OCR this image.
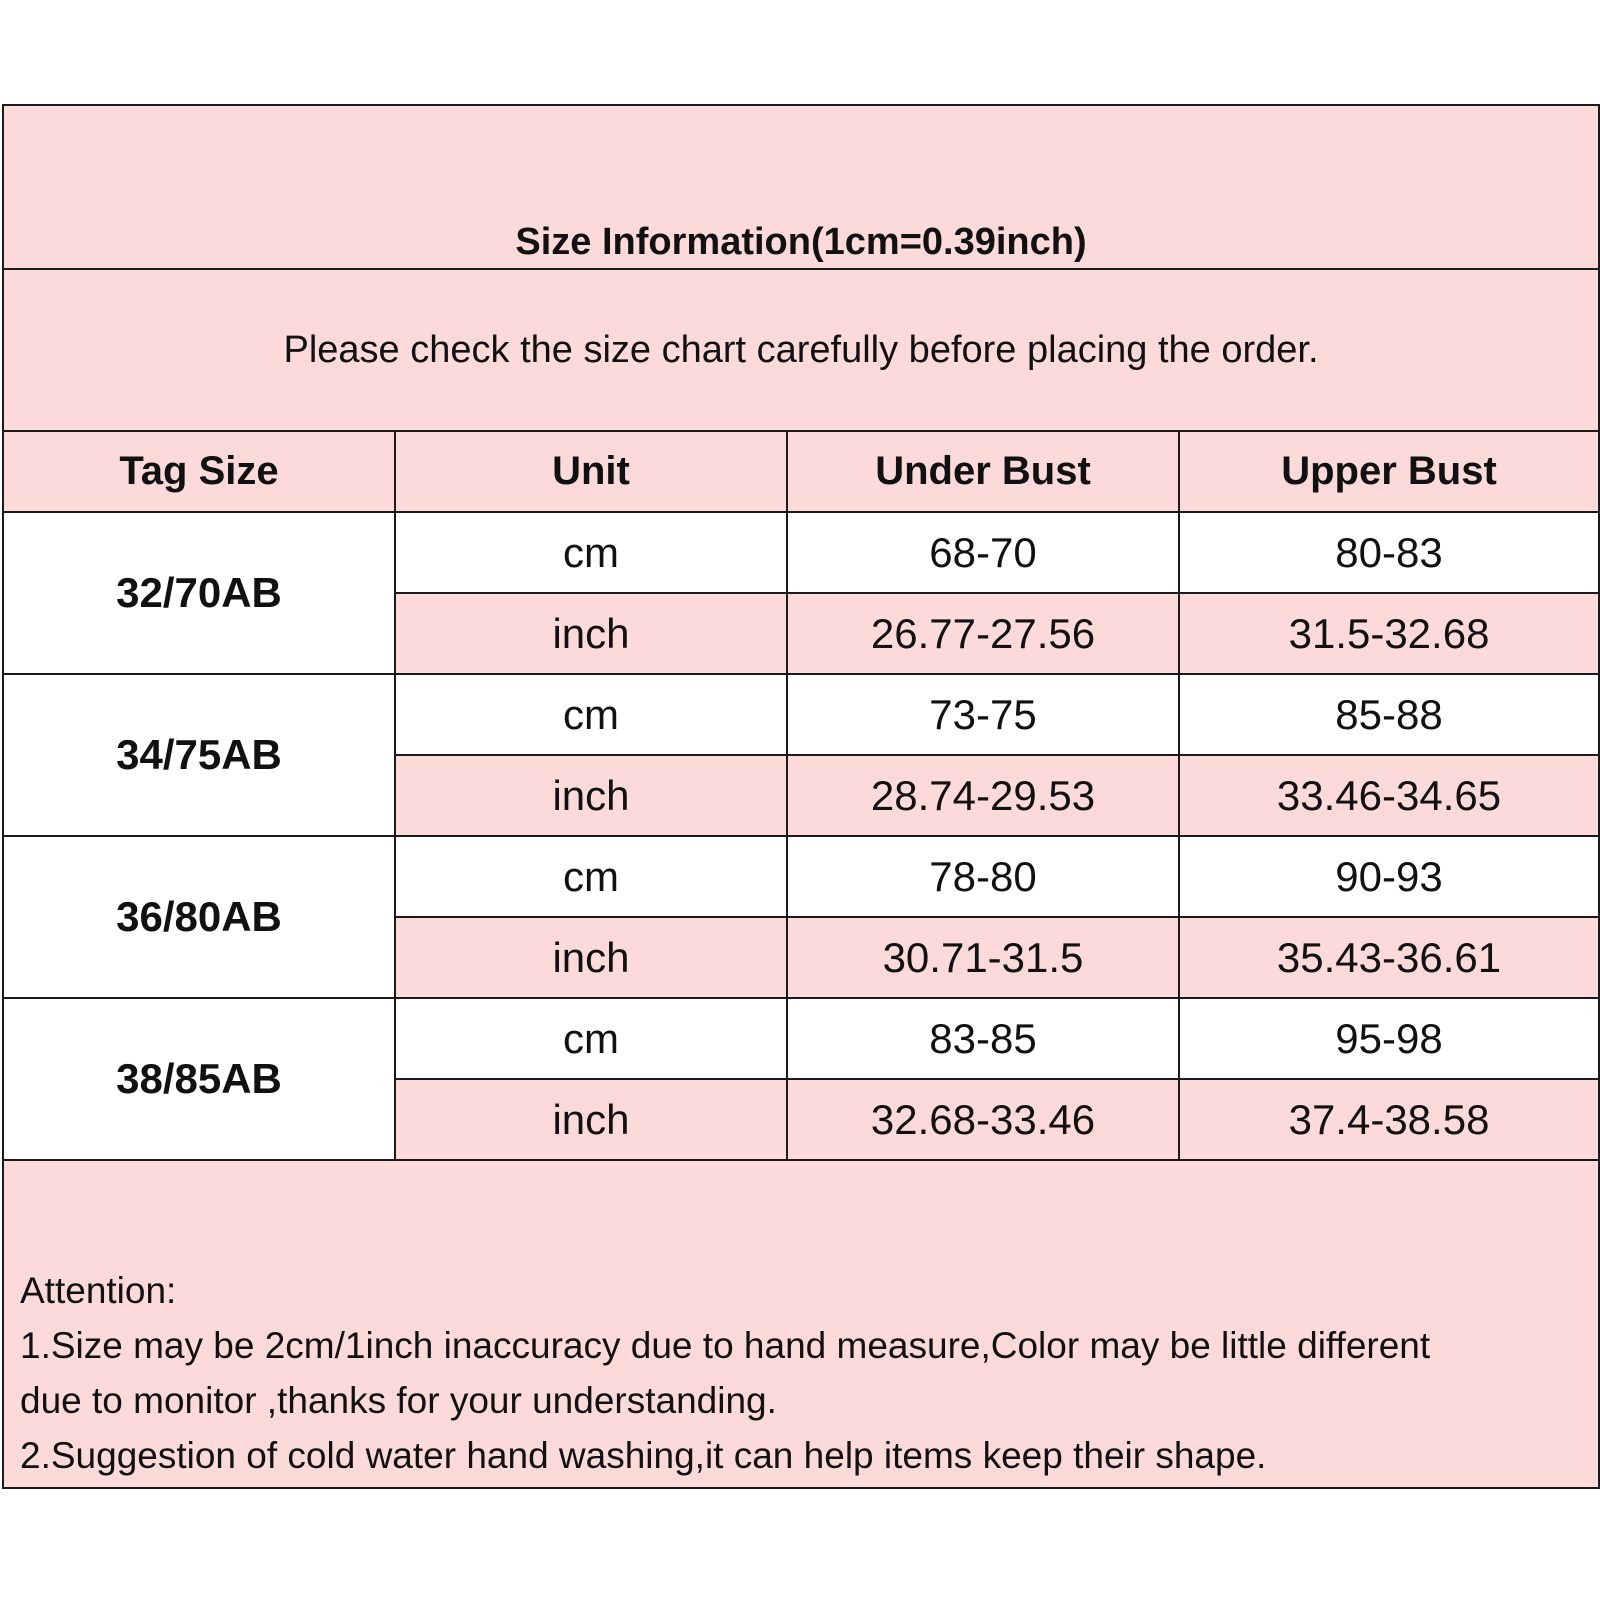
Size Information(1cm=0.39inch)			
Please check the size chart carefully before placing the order.			
Tag Size	Unit	Under Bust	Upper Bust
32/70AB	cm	68-70	80-83
	inch	26.77-27.56	31.5-32.68
34/75AB	cm	73-75	85-88
	inch	28.74-29.53	33.46-34.65
36/80AB	cm	78-80	90-93
	inch	30.71-31.5	35.43-36.61
38/85AB	cm	83-85	95-98
	inch	32.68-33.46	37.4-38.58

Attention:
1.Size may be 2cm/1inch inaccuracy due to hand measure,Color may be little different
due to monitor ,thanks for your understanding.
2.Suggestion of cold water hand washing,it can help items keep their shape.			
